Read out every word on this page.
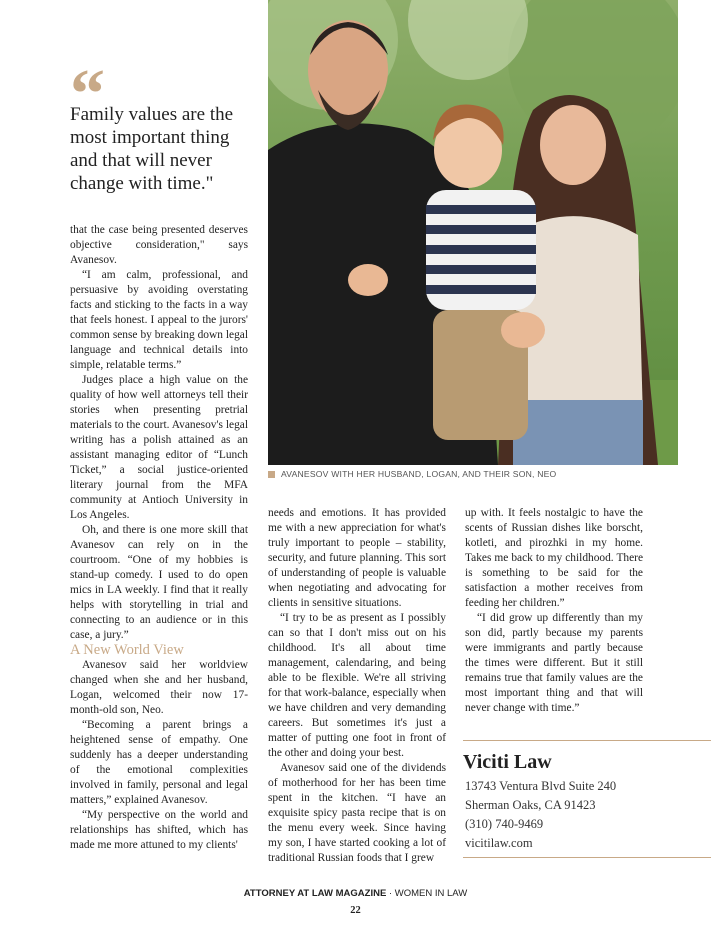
AVANESOV WITH HER HUSBAND, LOGAN, AND THEIR SON, NEO
“
Family values are the most important thing and that will never change with time."

that the case being presented deserves objective consideration," says Avanesov.

“I am calm, professional, and persuasive by avoiding overstating facts and sticking to the facts in a way that feels honest. I appeal to the jurors' common sense by breaking down legal language and technical details into simple, relatable terms.”

Judges place a high value on the quality of how well attorneys tell their stories when presenting pretrial materials to the court. Avanesov's legal writing has a polish attained as an assistant managing editor of “Lunch Ticket,” a social justice-oriented literary journal from the MFA community at Antioch University in Los Angeles.

Oh, and there is one more skill that Avanesov can rely on in the courtroom. “One of my hobbies is stand-up comedy. I used to do open mics in LA weekly. I find that it really helps with storytelling in trial and connecting to an audience or in this case, a jury.”

A New World View

Avanesov said her worldview changed when she and her husband, Logan, welcomed their now 17-month-old son, Neo.

“Becoming a parent brings a heightened sense of empathy. One suddenly has a deeper understanding of the emotional complexities involved in family, personal and legal matters,” explained Avanesov.

“My perspective on the world and relationships has shifted, which has made me more attuned to my clients'

needs and emotions. It has provided me with a new appreciation for what's truly important to people – stability, security, and future planning. This sort of understanding of people is valuable when negotiating and advocating for clients in sensitive situations.

“I try to be as present as I possibly can so that I don't miss out on his childhood. It's all about time management, calendaring, and being able to be flexible. We're all striving for that work-balance, especially when we have children and very demanding careers. But sometimes it's just a matter of putting one foot in front of the other and doing your best.

Avanesov said one of the dividends of motherhood for her has been time spent in the kitchen. “I have an exquisite spicy pasta recipe that is on the menu every week. Since having my son, I have started cooking a lot of traditional Russian foods that I grew

up with. It feels nostalgic to have the scents of Russian dishes like borscht, kotleti, and pirozhki in my home. Takes me back to my childhood. There is something to be said for the satisfaction a mother receives from feeding her children.”

“I did grow up differently than my son did, partly because my parents were immigrants and partly because the times were different. But it still remains true that family values are the most important thing and that will never change with time.”

Viciti Law
13743 Ventura Blvd Suite 240
Sherman Oaks, CA 91423
(310) 740-9469
vicitilaw.com
ATTORNEY AT LAW MAGAZINE · WOMEN IN LAW
22
